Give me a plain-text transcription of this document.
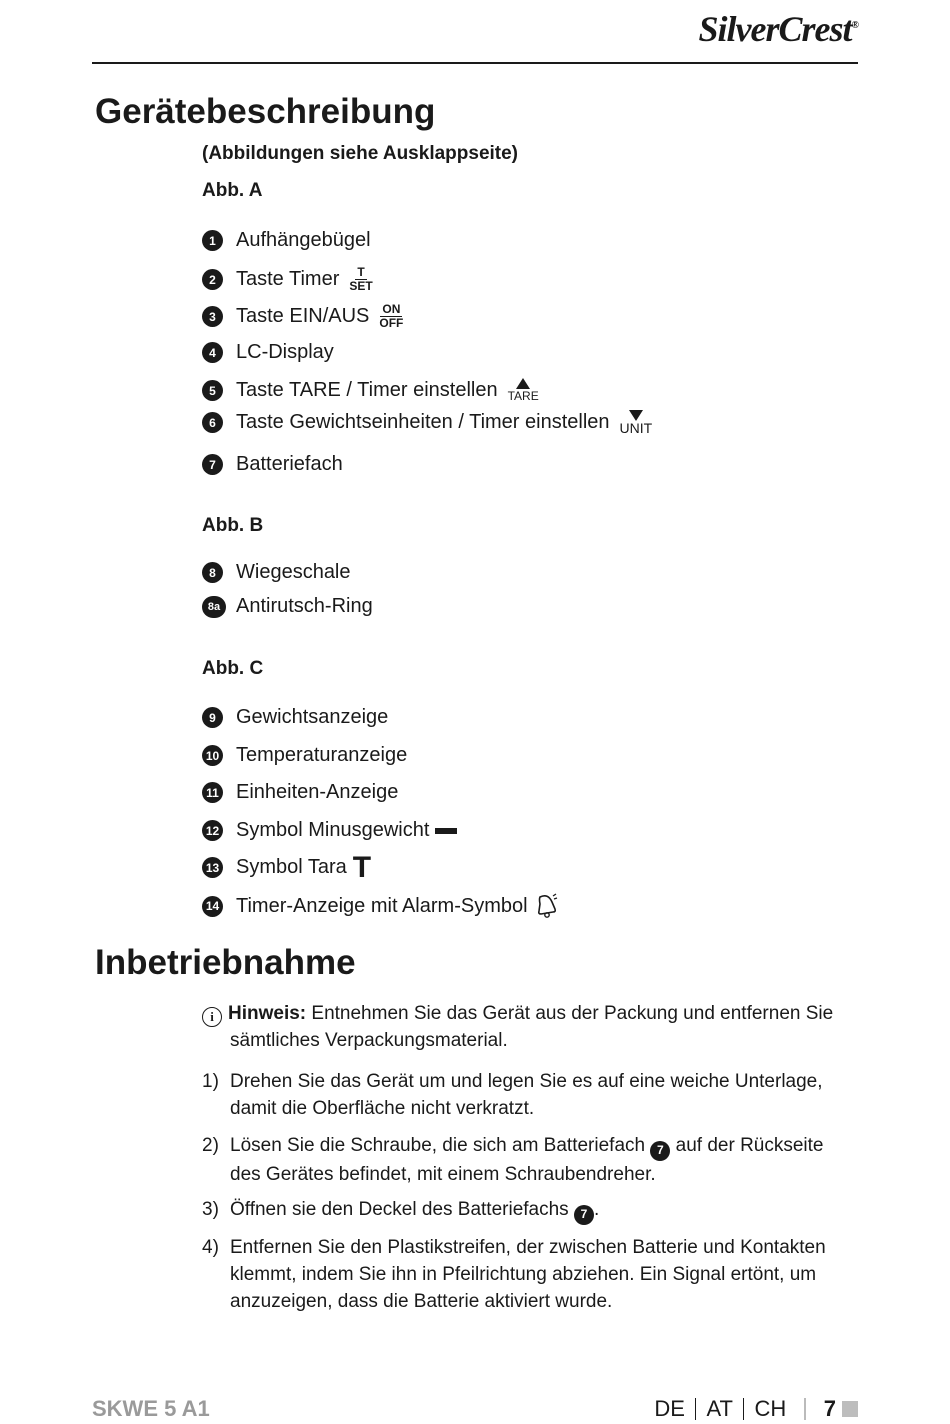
SilverCrest®
Gerätebeschreibung
(Abbildungen siehe Ausklappseite)
Abb. A
1	Aufhängebügel
2	Taste Timer T
SET
3	Taste EIN/AUS ON
OFF
4	LC-Display
5	Taste TARE / Timer einstellen TARE
6	Taste Gewichtseinheiten / Timer einstellen UNIT
7	Batteriefach
Abb. B
8	Wiegeschale
8a Antirutsch-Ring
Abb. C
9	Gewichtsanzeige
10 Temperaturanzeige
11 Einheiten-Anzeige
12 Symbol Minusgewicht
13 Symbol Tara T
14 Timer-Anzeige mit Alarm-Symbol
Inbetriebnahme
i Hinweis: Entnehmen Sie das Gerät aus der Packung und entfernen Sie
sämtliches Verpackungsmaterial.
1) Drehen Sie das Gerät um und legen Sie es auf eine weiche Unterlage,
damit die Oberfläche nicht verkratzt.
2) Lösen Sie die Schraube, die sich am Batteriefach 7 auf der Rückseite
des Gerätes befindet, mit einem Schraubendreher.
3) Öffnen sie den Deckel des Batteriefachs 7 .
4) Entfernen Sie den Plastikstreifen, der zwischen Batterie und Kontakten
klemmt, indem Sie ihn in Pfeilrichtung abziehen. Ein Signal ertönt, um
anzuzeigen, dass die Batterie aktiviert wurde.
SKWE 5 A1	DE AT CH 7
